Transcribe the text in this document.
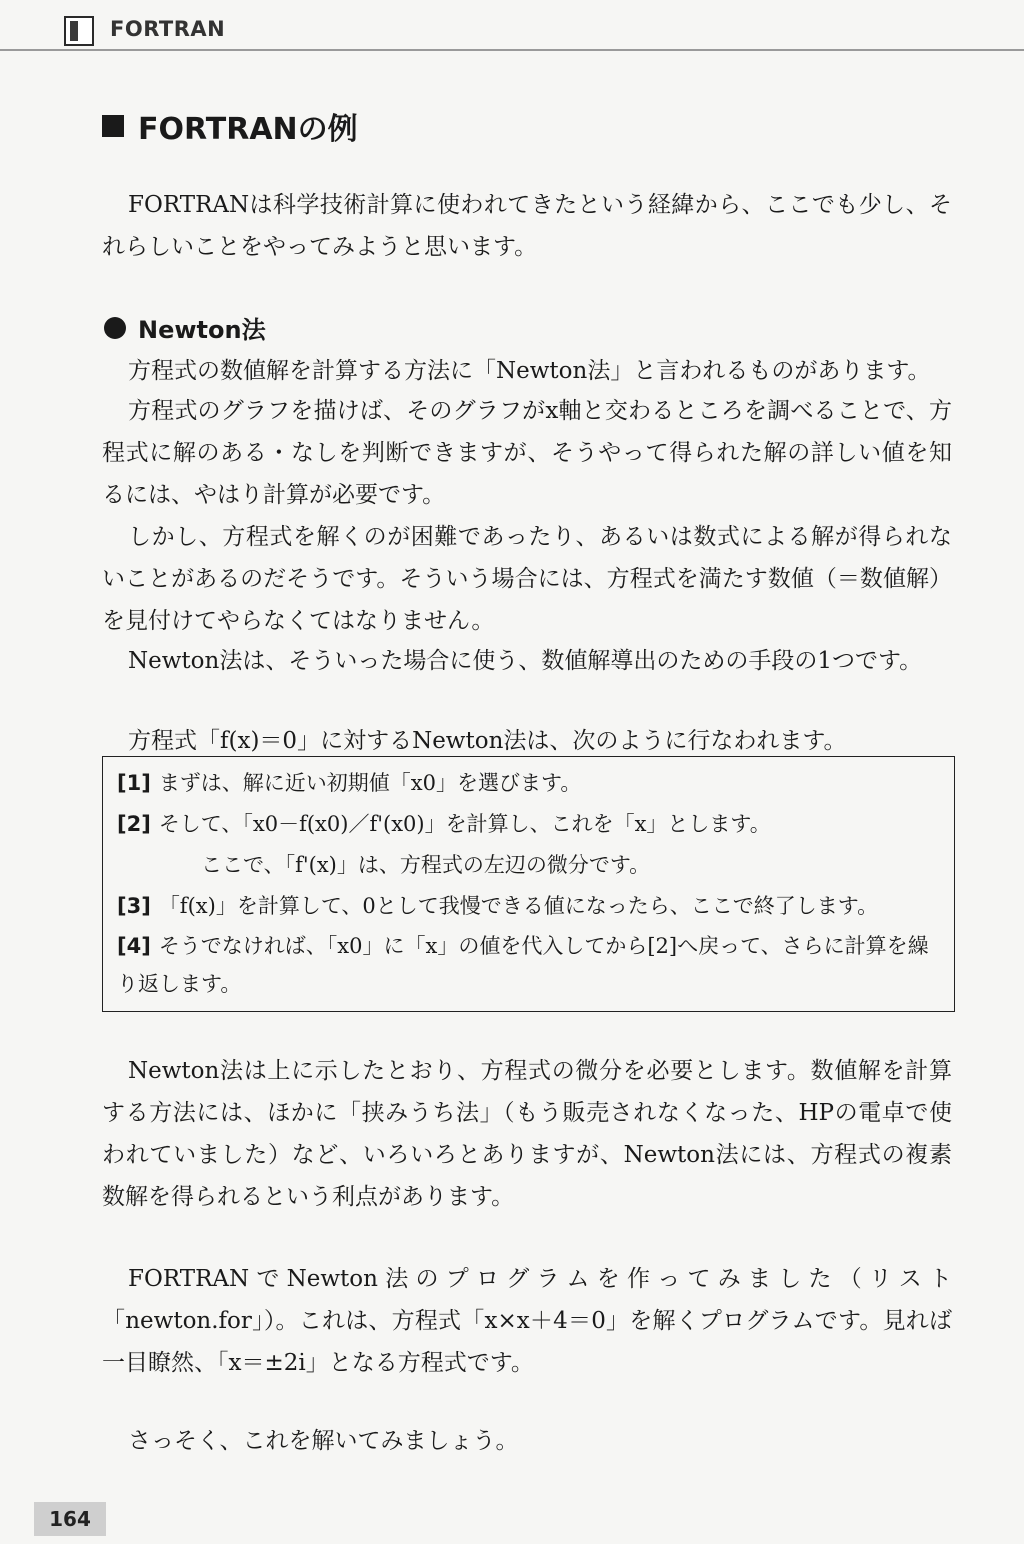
FORTRAN
FORTRANの例

FORTRANは科学技術計算に使われてきたという経緯から、ここでも少し、それらしいことをやってみようと思います。

Newton法

方程式の数値解を計算する方法に「Newton法」と言われるものがあります。

方程式のグラフを描けば、そのグラフがx軸と交わるところを調べることで、方程式に解のある・なしを判断できますが、そうやって得られた解の詳しい値を知るには、やはり計算が必要です。

しかし、方程式を解くのが困難であったり、あるいは数式による解が得られないことがあるのだそうです。そういう場合には、方程式を満たす数値（＝数値解）を見付けてやらなくてはなりません。

Newton法は、そういった場合に使う、数値解導出のための手段の1つです。

方程式「f(x)＝0」に対するNewton法は、次のように行なわれます。

[1] まずは、解に近い初期値「x0」を選びます。

[2] そして、「x0－f(x0)／f'(x0)」を計算し、これを「x」とします。

ここで、「f'(x)」は、方程式の左辺の微分です。

[3] 「f(x)」を計算して、0として我慢できる値になったら、ここで終了します。

[4] そうでなければ、「x0」に「x」の値を代入してから[2]へ戻って、さらに計算を繰り返します。

Newton法は上に示したとおり、方程式の微分を必要とします。数値解を計算する方法には、ほかに「挟みうち法」（もう販売されなくなった、HPの電卓で使われていました）など、いろいろとありますが、Newton法には、方程式の複素数解を得られるという利点があります。

FORTRANでNewton法のプログラムを作ってみました（リスト「newton.for」）。これは、方程式「x×x＋4＝0」を解くプログラムです。見れば一目瞭然、「x＝±2i」となる方程式です。

さっそく、これを解いてみましょう。

164
